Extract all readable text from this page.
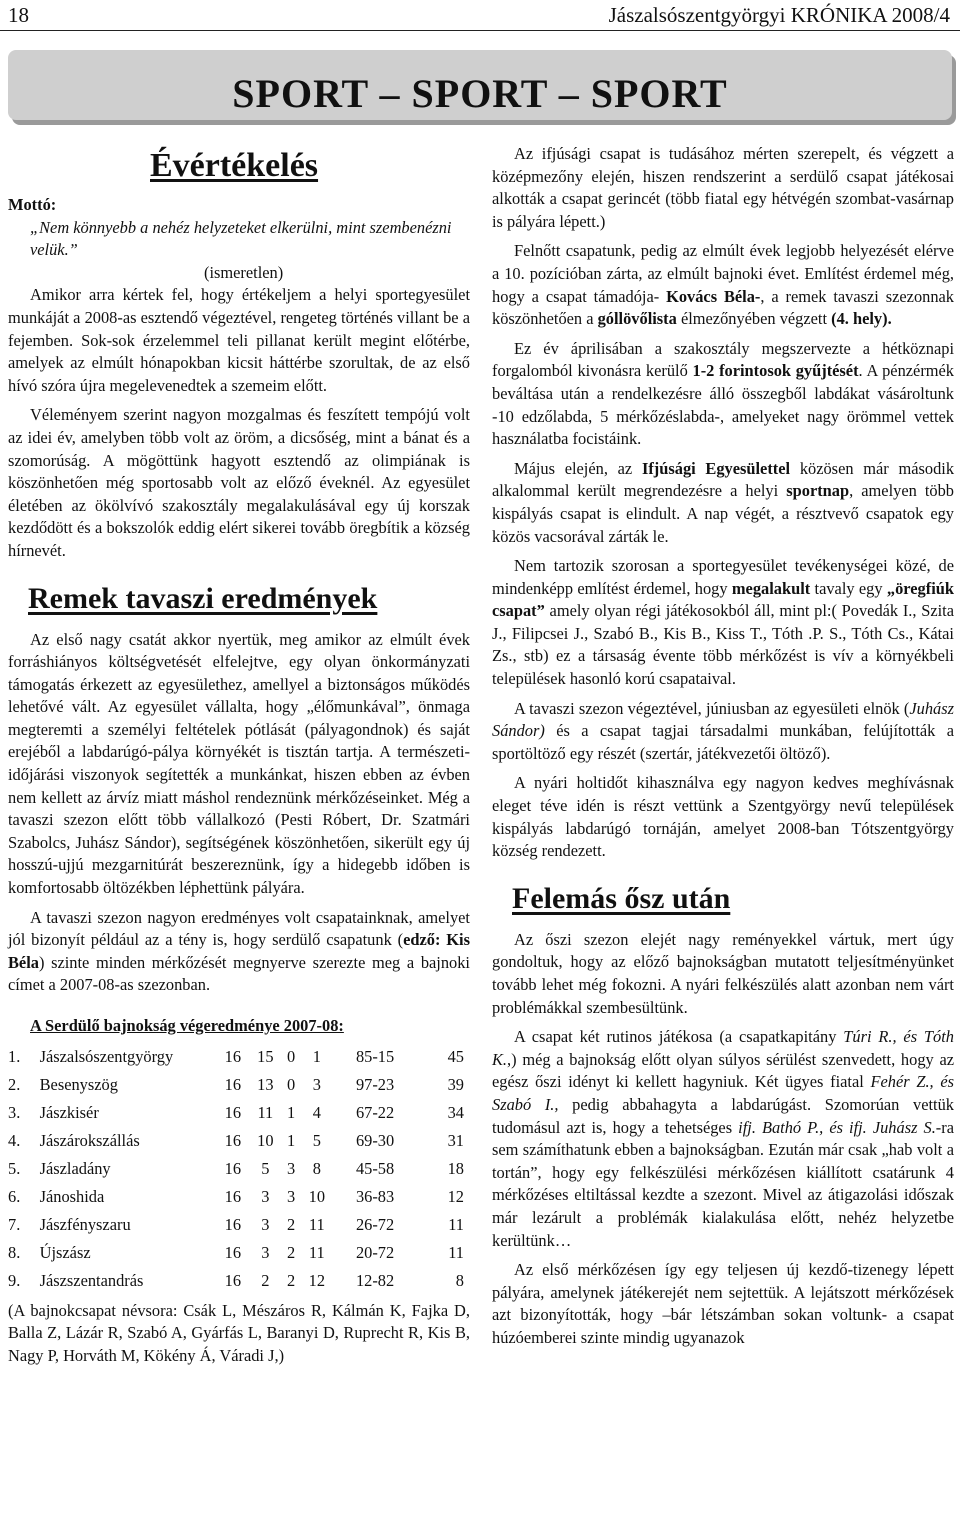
18	Jászalsószentgyörgyi KRÓNIKA 2008/4
SPORT – SPORT – SPORT
Évértékelés
Mottó:

„Nem könnyebb a nehéz helyzeteket elkerülni, mint szembenézni velük.”

(ismeretlen)

Amikor arra kértek fel, hogy értékeljem a helyi sportegyesület munkáját a 2008-as esztendő végeztével, rengeteg történés villant be a fejemben. Sok-sok érzelemmel teli pillanat került megint előtérbe, amelyek az elmúlt hónapokban kicsit háttérbe szorultak, de az első hívó szóra újra megelevenedtek a szemeim előtt.

Véleményem szerint nagyon mozgalmas és feszített tempójú volt az idei év, amelyben több volt az öröm, a dicsőség, mint a bánat és a szomorúság. A mögöttünk hagyott esztendő az olimpiának is köszönhetően még sportosabb volt az előző éveknél. Az egyesület életében az ökölvívó szakosztály megalakulásával egy új korszak kezdődött és a bokszolók eddig elért sikerei tovább öregbítik a község hírnevét.

Remek tavaszi eredmények

Az első nagy csatát akkor nyertük, meg amikor az elmúlt évek forráshiányos költségvetését elfelejtve, egy olyan önkormányzati támogatás érkezett az egyesülethez, amellyel a biztonságos működés lehetővé vált. Az egyesület vállalta, hogy „élőmunkával”, önmaga megteremti a személyi feltételek pótlását (pályagondnok) és saját erejéből a labdarúgó-pálya környékét is tisztán tartja. A természeti-időjárási viszonyok segítették a munkánkat, hiszen ebben az évben nem kellett az árvíz miatt máshol rendeznünk mérkőzéseinket. Még a tavaszi szezon előtt több vállalkozó (Pesti Róbert, Dr. Szatmári Szabolcs, Juhász Sándor), segítségének köszönhetően, sikerült egy új hosszú-ujjú mezgarnitúrát beszereznünk, így a hidegebb időben is komfortosabb öltözékben léphettünk pályára.

A tavaszi szezon nagyon eredményes volt csapatainknak, amelyet jól bizonyít például az a tény is, hogy serdülő csapatunk (edző: Kis Béla) szinte minden mérkőzését megnyerve szerezte meg a bajnoki címet a 2007-08-as szezonban.

A Serdülő bajnokság végeredménye 2007-08:
1.	Jászalsószentgyörgy	16	15	0	1	85-15	45
2.	Besenyszög	16	13	0	3	97-23	39
3.	Jászkisér	16	11	1	4	67-22	34
4.	Jászárokszállás	16	10	1	5	69-30	31
5.	Jászladány	16	5	3	8	45-58	18
6.	Jánoshida	16	3	3	10	36-83	12
7.	Jászfényszaru	16	3	2	11	26-72	11
8.	Újszász	16	3	2	11	20-72	11
9.	Jászszentandrás	16	2	2	12	12-82	8

(A bajnokcsapat névsora: Csák L, Mészáros R, Kálmán K, Fajka D, Balla Z, Lázár R, Szabó A, Gyárfás L, Baranyi D, Ruprecht R, Kis B, Nagy P, Horváth M, Kökény Á, Váradi J,)

Az ifjúsági csapat is tudásához mérten szerepelt, és végzett a középmezőny elején, hiszen rendszerint a serdülő csapat játékosai alkották a csapat gerincét (több fiatal egy hétvégén szombat-vasárnap is pályára lépett.)

Felnőtt csapatunk, pedig az elmúlt évek legjobb helyezését elérve a 10. pozícióban zárta, az elmúlt bajnoki évet. Említést érdemel még, hogy a csapat támadója- Kovács Béla-, a remek tavaszi szezonnak köszönhetően a góllövőlista élmezőnyében végzett (4. hely).

Ez év áprilisában a szakosztály megszervezte a hétköznapi forgalomból kivonásra kerülő 1-2 forintosok gyűjtését. A pénzérmék beváltása után a rendelkezésre álló összegből labdákat vásároltunk -10 edzőlabda, 5 mérkőzéslabda-, amelyeket nagy örömmel vettek használatba focistáink.

Május elején, az Ifjúsági Egyesülettel közösen már második alkalommal került megrendezésre a helyi sportnap, amelyen több kispályás csapat is elindult. A nap végét, a résztvevő csapatok egy közös vacsorával zárták le.

Nem tartozik szorosan a sportegyesület tevékenységei közé, de mindenképp említést érdemel, hogy megalakult tavaly egy „öregfiúk csapat” amely olyan régi játékosokból áll, mint pl:( Povedák I., Szita J., Filipcsei J., Szabó B., Kis B., Kiss T., Tóth .P. S., Tóth Cs., Kátai Zs., stb) ez a társaság évente több mérkőzést is vív a környékbeli települések hasonló korú csapataival.

A tavaszi szezon végeztével, júniusban az egyesületi elnök (Juhász Sándor) és a csapat tagjai társadalmi munkában, felújították a sportöltöző egy részét (szertár, játékvezetői öltöző).

A nyári holtidőt kihasználva egy nagyon kedves meghívásnak eleget téve idén is részt vettünk a Szentgyörgy nevű települések kispályás labdarúgó tornáján, amelyet 2008-ban Tótszentgyörgy község rendezett.

Felemás ősz után

Az őszi szezon elejét nagy reményekkel vártuk, mert úgy gondoltuk, hogy az előző bajnokságban mutatott teljesítményünket tovább lehet még fokozni. A nyári felkészülés alatt azonban nem várt problémákkal szembesültünk.

A csapat két rutinos játékosa (a csapatkapitány Túri R., és Tóth K.,) még a bajnokság előtt olyan súlyos sérülést szenvedett, hogy az egész őszi idényt ki kellett hagyniuk. Két ügyes fiatal Fehér Z., és Szabó I., pedig abbahagyta a labdarúgást. Szomorúan vettük tudomásul azt is, hogy a tehetséges ifj. Bathó P., és ifj. Juhász S.-ra sem számíthatunk ebben a bajnokságban. Ezután már csak „hab volt a tortán”, hogy egy felkészülési mérkőzésen kiállított csatárunk 4 mérkőzéses eltiltással kezdte a szezont. Mivel az átigazolási időszak már lezárult a problémák kialakulása előtt, nehéz helyzetbe kerültünk…

Az első mérkőzésen így egy teljesen új kezdő-tizenegy lépett pályára, amelynek játékerejét nem sejtettük. A lejátszott mérkőzések azt bizonyították, hogy –bár létszámban sokan voltunk- a csapat húzóemberei szinte mindig ugyanazok
